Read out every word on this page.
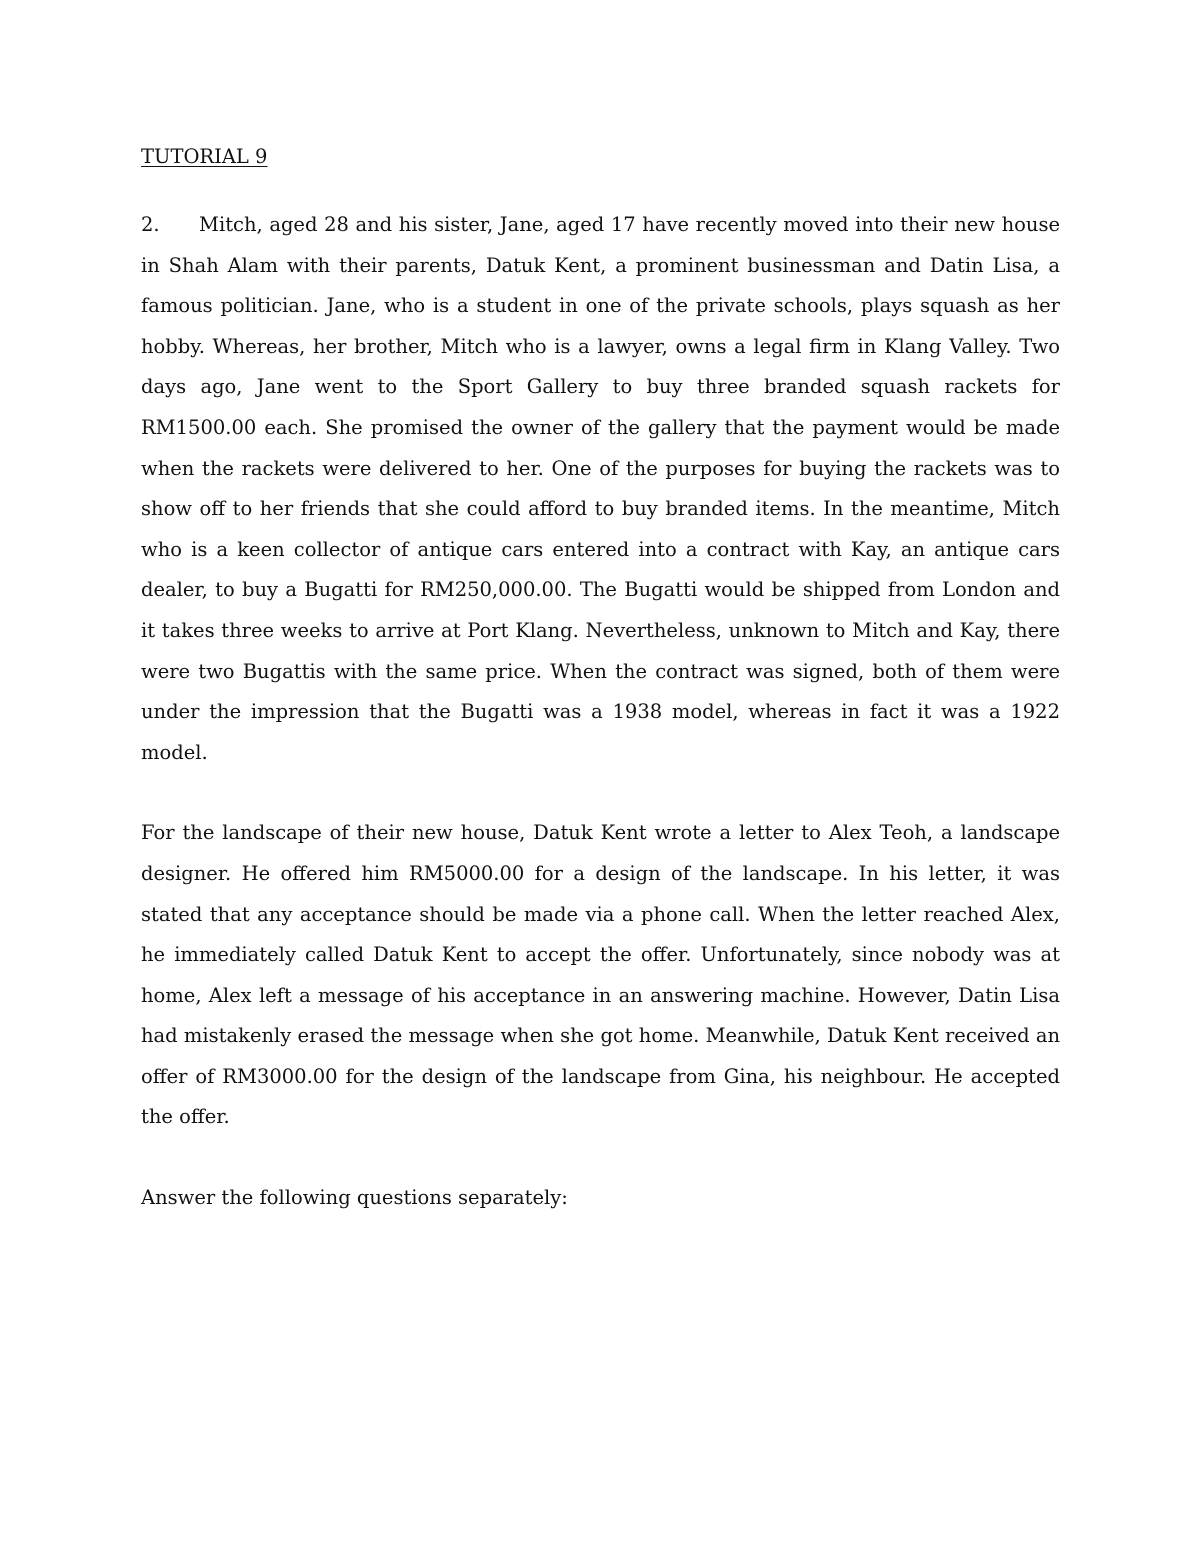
TUTORIAL 9

2. Mitch, aged 28 and his sister, Jane, aged 17 have recently moved into their new house in Shah Alam with their parents, Datuk Kent, a prominent businessman and Datin Lisa, a famous politician. Jane, who is a student in one of the private schools, plays squash as her hobby. Whereas, her brother, Mitch who is a lawyer, owns a legal firm in Klang Valley. Two days ago, Jane went to the Sport Gallery to buy three branded squash rackets for RM1500.00 each. She promised the owner of the gallery that the payment would be made when the rackets were delivered to her. One of the purposes for buying the rackets was to show off to her friends that she could afford to buy branded items. In the meantime, Mitch who is a keen collector of antique cars entered into a contract with Kay, an antique cars dealer, to buy a Bugatti for RM250,000.00. The Bugatti would be shipped from London and it takes three weeks to arrive at Port Klang. Nevertheless, unknown to Mitch and Kay, there were two Bugattis with the same price. When the contract was signed, both of them were under the impression that the Bugatti was a 1938 model, whereas in fact it was a 1922 model.

For the landscape of their new house, Datuk Kent wrote a letter to Alex Teoh, a landscape designer. He offered him RM5000.00 for a design of the landscape. In his letter, it was stated that any acceptance should be made via a phone call. When the letter reached Alex, he immediately called Datuk Kent to accept the offer. Unfortunately, since nobody was at home, Alex left a message of his acceptance in an answering machine. However, Datin Lisa had mistakenly erased the message when she got home. Meanwhile, Datuk Kent received an offer of RM3000.00 for the design of the landscape from Gina, his neighbour. He accepted the offer.

Answer the following questions separately:
